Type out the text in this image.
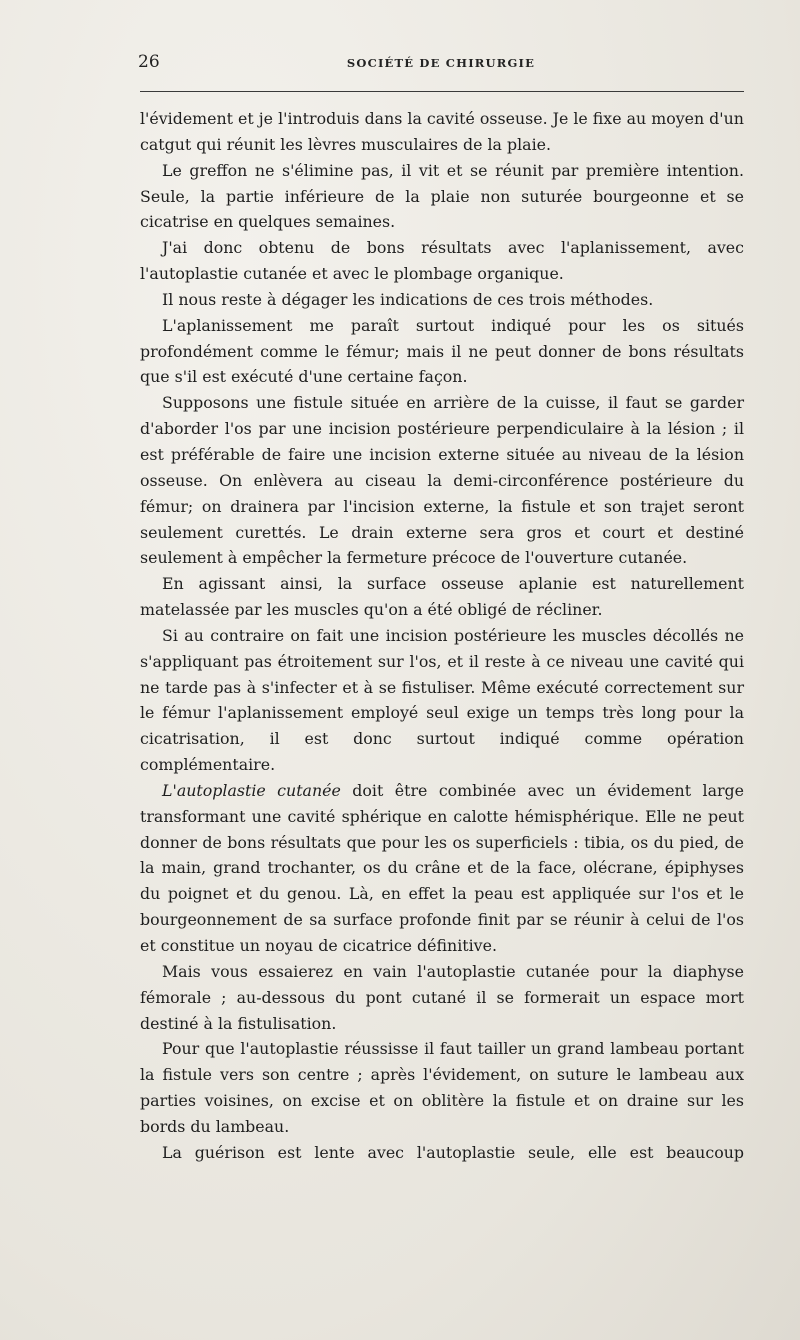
26	SOCIÉTÉ DE CHIRURGIE

l'évidement et je l'introduis dans la cavité osseuse. Je le fixe au moyen d'un catgut qui réunit les lèvres musculaires de la plaie.

Le greffon ne s'élimine pas, il vit et se réunit par première intention. Seule, la partie inférieure de la plaie non suturée bourgeonne et se cicatrise en quelques semaines.

J'ai donc obtenu de bons résultats avec l'aplanissement, avec l'autoplastie cutanée et avec le plombage organique.

Il nous reste à dégager les indications de ces trois méthodes.

L'aplanissement me paraît surtout indiqué pour les os situés profondément comme le fémur; mais il ne peut donner de bons résultats que s'il est exécuté d'une certaine façon.

Supposons une fistule située en arrière de la cuisse, il faut se garder d'aborder l'os par une incision postérieure perpendiculaire à la lésion ; il est préférable de faire une incision externe située au niveau de la lésion osseuse. On enlèvera au ciseau la demi-circonférence postérieure du fémur; on drainera par l'incision externe, la fistule et son trajet seront seulement curettés. Le drain externe sera gros et court et destiné seulement à empêcher la fermeture précoce de l'ouverture cutanée.

En agissant ainsi, la surface osseuse aplanie est naturellement matelassée par les muscles qu'on a été obligé de récliner.

Si au contraire on fait une incision postérieure les muscles décollés ne s'appliquant pas étroitement sur l'os, et il reste à ce niveau une cavité qui ne tarde pas à s'infecter et à se fistuliser. Même exécuté correctement sur le fémur l'aplanissement employé seul exige un temps très long pour la cicatrisation, il est donc surtout indiqué comme opération complémentaire.

L'autoplastie cutanée doit être combinée avec un évidement large transformant une cavité sphérique en calotte hémisphérique. Elle ne peut donner de bons résultats que pour les os superficiels : tibia, os du pied, de la main, grand trochanter, os du crâne et de la face, olécrane, épiphyses du poignet et du genou. Là, en effet la peau est appliquée sur l'os et le bourgeonnement de sa surface profonde finit par se réunir à celui de l'os et constitue un noyau de cicatrice définitive.

Mais vous essaierez en vain l'autoplastie cutanée pour la diaphyse fémorale ; au-dessous du pont cutané il se formerait un espace mort destiné à la fistulisation.

Pour que l'autoplastie réussisse il faut tailler un grand lambeau portant la fistule vers son centre ; après l'évidement, on suture le lambeau aux parties voisines, on excise et on oblitère la fistule et on draine sur les bords du lambeau.

La guérison est lente avec l'autoplastie seule, elle est beaucoup
